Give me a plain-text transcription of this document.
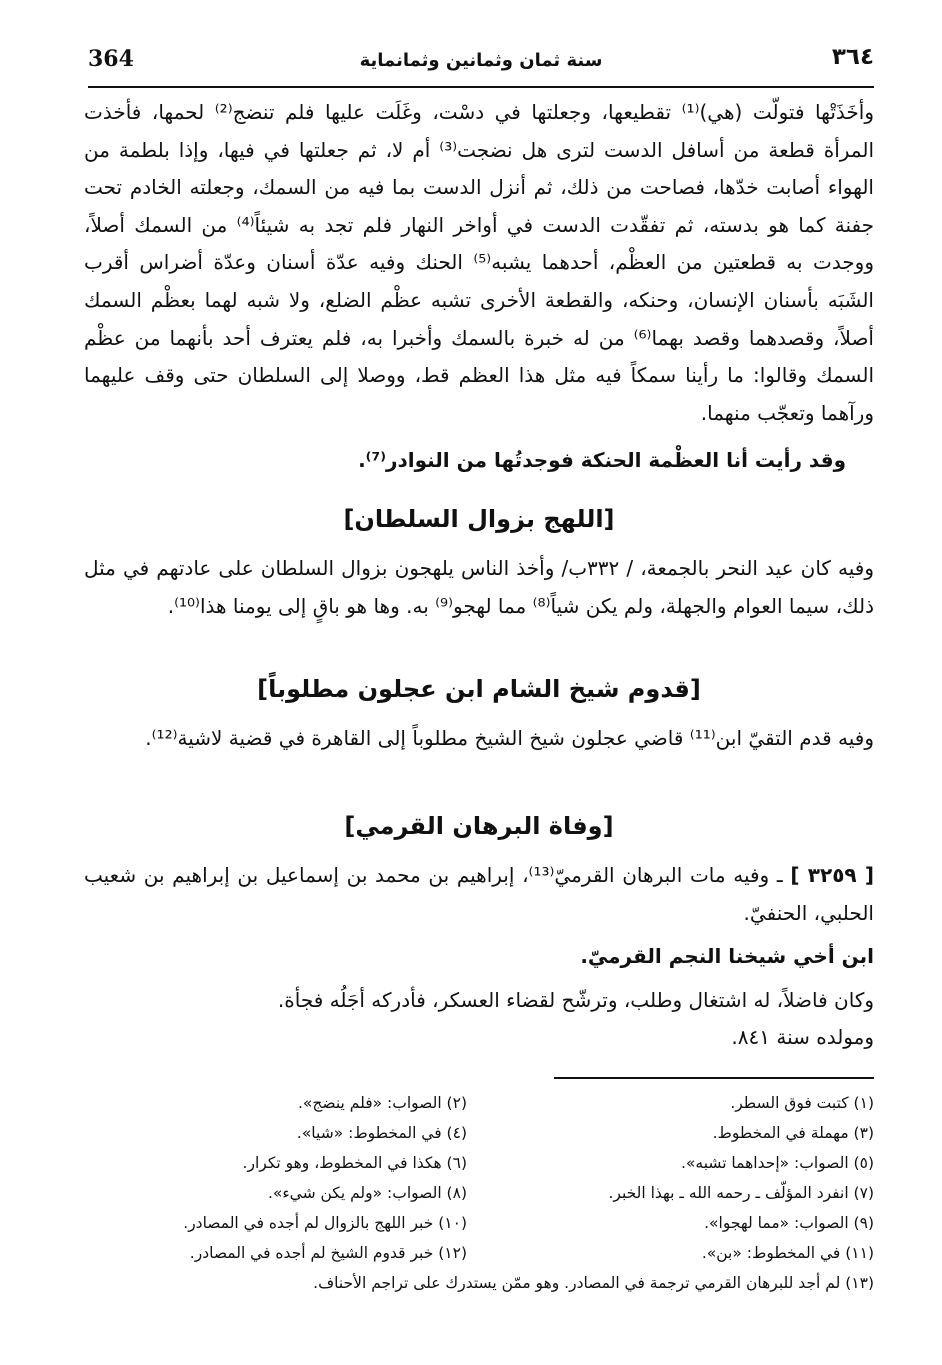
364	سنة ثمان وثمانين وثمانماية	٣٦٤
وأخَذَتْها فتولّت (هي)⁽¹⁾ تقطيعها، وجعلتها في دسْت، وغَلَت عليها فلم تنضج⁽²⁾ لحمها، فأخذت المرأة قطعة من أسافل الدست لترى هل نضجت⁽³⁾ أم لا، ثم جعلتها في فيها، وإذا بلطمة من الهواء أصابت خدّها، فصاحت من ذلك، ثم أنزل الدست بما فيه من السمك، وجعلته الخادم تحت جفنة كما هو بدسته، ثم تفقّدت الدست في أواخر النهار فلم تجد به شيئاً⁽⁴⁾ من السمك أصلاً، ووجدت به قطعتين من العظْم، أحدهما يشبه⁽⁵⁾ الحنك وفيه عدّة أسنان وعدّة أضراس أقرب الشَبَه بأسنان الإنسان، وحنكه، والقطعة الأخرى تشبه عظْم الضلع، ولا شبه لهما بعظْم السمك أصلاً، وقصدهما وقصد بهما⁽⁶⁾ من له خبرة بالسمك وأخبرا به، فلم يعترف أحد بأنهما من عظْم السمك وقالوا: ما رأينا سمكاً فيه مثل هذا العظم قط، ووصلا إلى السلطان حتى وقف عليهما ورآهما وتعجّب منهما.
وقد رأيت أنا العظْمة الحنكة فوجدتُها من النوادر⁽⁷⁾.
[اللهج بزوال السلطان]
وفيه كان عيد النحر بالجمعة، / ٣٣٢ب/ وأخذ الناس يلهجون بزوال السلطان على عادتهم في مثل ذلك، سيما العوام والجهلة، ولم يكن شياً⁽⁸⁾ مما لهجو⁽⁹⁾ به. وها هو باقٍ إلى يومنا هذا⁽¹⁰⁾.
[قدوم شيخ الشام ابن عجلون مطلوباً]
وفيه قدم التقيّ ابن⁽¹¹⁾ قاضي عجلون شيخ الشيخ مطلوباً إلى القاهرة في قضية لاشية⁽¹²⁾.
[وفاة البرهان القرمي]
[ ٣٢٥٩ ] ـ وفيه مات البرهان القرميّ⁽¹³⁾، إبراهيم بن محمد بن إسماعيل بن إبراهيم بن شعيب الحلبي، الحنفيّ.
ابن أخي شيخنا النجم القرميّ.
وكان فاضلاً، له اشتغال وطلب، وترشّح لقضاء العسكر، فأدركه أجَلُه فجأة.
ومولده سنة ٨٤١.
(١) كتبت فوق السطر.
(٢) الصواب: «فلم ينضج».
(٣) مهملة في المخطوط.
(٤) في المخطوط: «شيا».
(٥) الصواب: «إحداهما تشبه».
(٦) هكذا في المخطوط، وهو تكرار.
(٧) انفرد المؤلّف ـ رحمه الله ـ بهذا الخبر.
(٨) الصواب: «ولم يكن شيء».
(٩) الصواب: «مما لهجوا».
(١٠) خبر اللهج بالزوال لم أجده في المصادر.
(١١) في المخطوط: «بن».
(١٢) خبر قدوم الشيخ لم أجده في المصادر.
(١٣) لم أجد للبرهان القرمي ترجمة في المصادر. وهو ممّن يستدرك على تراجم الأحناف.
